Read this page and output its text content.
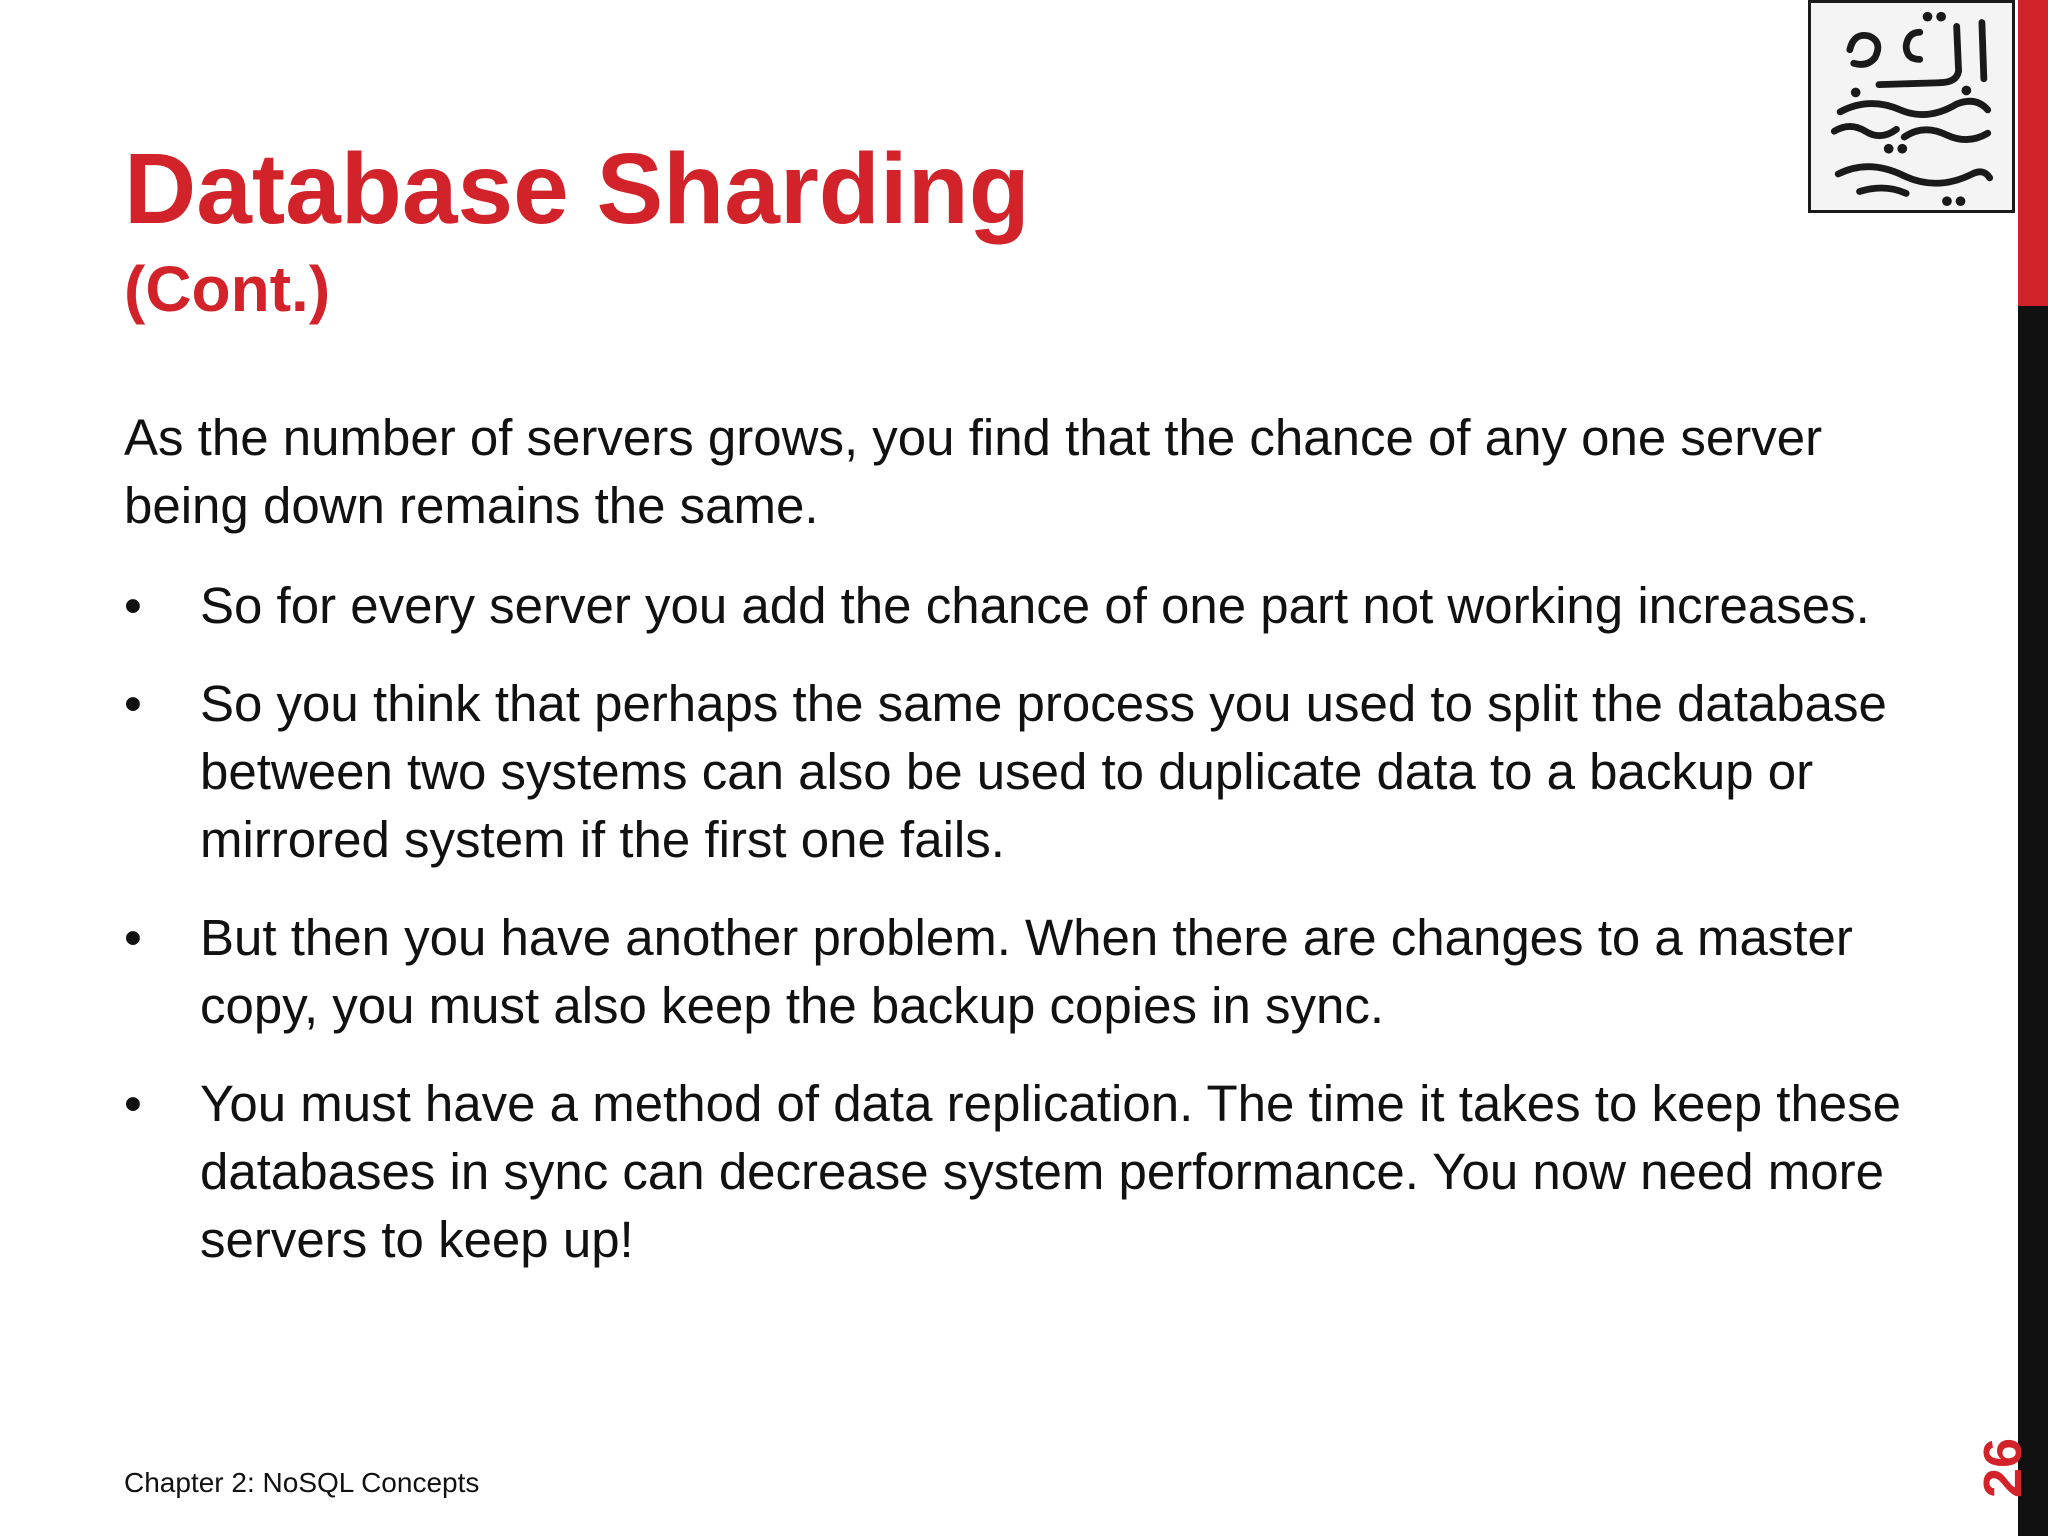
Database Sharding
(Cont.)

As the number of servers grows, you find that the chance of any one server being down remains the same.

•	So for every server you add the chance of one part not working increases.
•	So you think that perhaps the same process you used to split the database between two systems can also be used to duplicate data to a backup or mirrored system if the first one fails.
•	But then you have another problem. When there are changes to a master copy, you must also keep the backup copies in sync.
•	You must have a method of data replication. The time it takes to keep these databases in sync can decrease system performance. You now need more servers to keep up!

Chapter 2: NoSQL Concepts	26
